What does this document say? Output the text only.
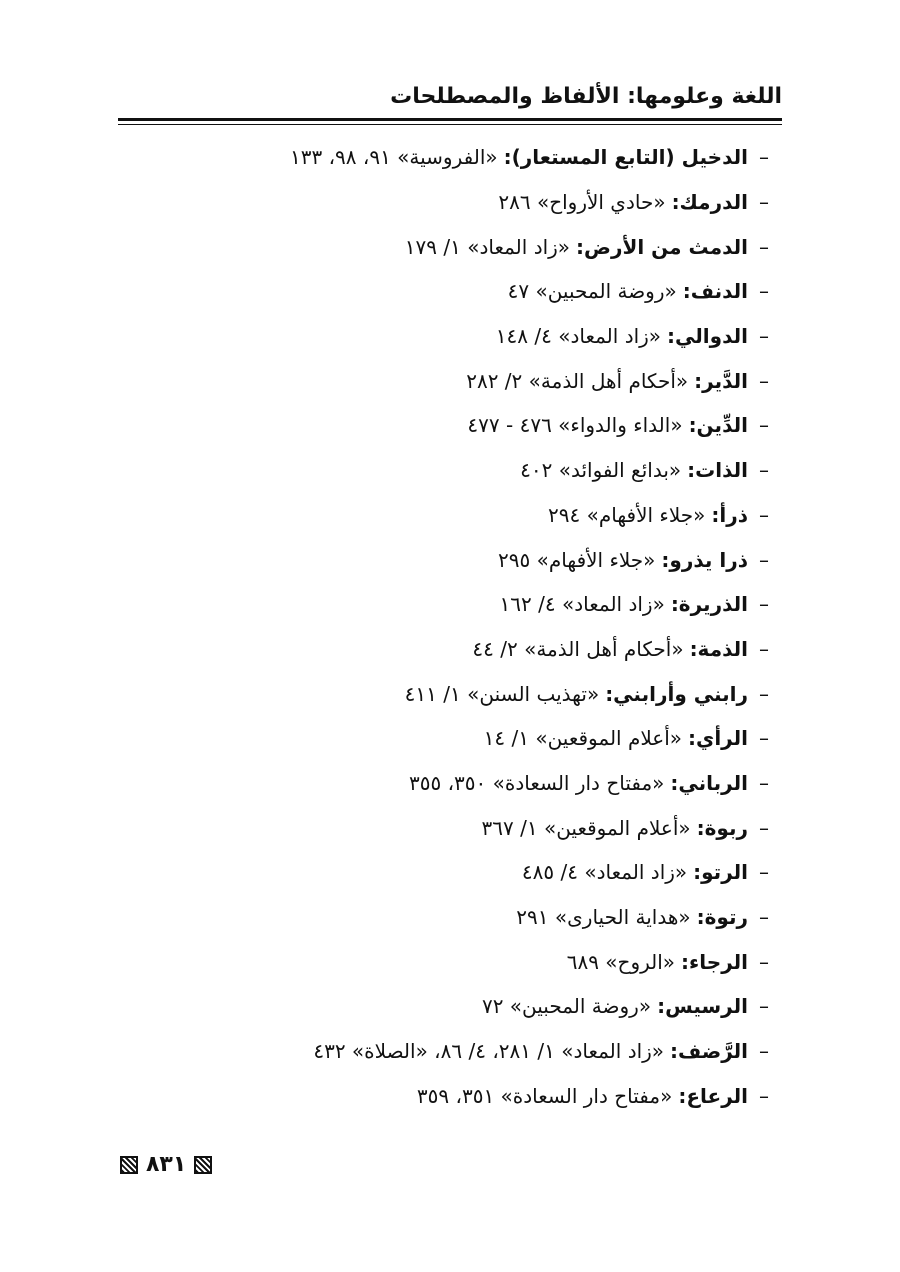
اللغة وعلومها: الألفاظ والمصطلحات
–
الدخيل (التابع المستعار):
«الفروسية» ٩١، ٩٨، ١٣٣
–
الدرمك:
«حادي الأرواح» ٢٨٦
–
الدمث من الأرض:
«زاد المعاد» ١/ ١٧٩
–
الدنف:
«روضة المحبين» ٤٧
–
الدوالي:
«زاد المعاد» ٤/ ١٤٨
–
الدَّير:
«أحكام أهل الذمة» ٢/ ٢٨٢
–
الدِّين:
«الداء والدواء» ٤٧٦ - ٤٧٧
–
الذات:
«بدائع الفوائد» ٤٠٢
–
ذرأ:
«جلاء الأفهام» ٢٩٤
–
ذرا يذرو:
«جلاء الأفهام» ٢٩٥
–
الذريرة:
«زاد المعاد» ٤/ ١٦٢
–
الذمة:
«أحكام أهل الذمة» ٢/ ٤٤
–
رابني وأرابني:
«تهذيب السنن» ١/ ٤١١
–
الرأي:
«أعلام الموقعين» ١/ ١٤
–
الرباني:
«مفتاح دار السعادة» ٣٥٠، ٣٥٥
–
ربوة:
«أعلام الموقعين» ١/ ٣٦٧
–
الرتو:
«زاد المعاد» ٤/ ٤٨٥
–
رتوة:
«هداية الحيارى» ٢٩١
–
الرجاء:
«الروح» ٦٨٩
–
الرسيس:
«روضة المحبين» ٧٢
–
الرَّضف:
«زاد المعاد» ١/ ٢٨١، ٤/ ٨٦، «الصلاة» ٤٣٢
–
الرعاع:
«مفتاح دار السعادة» ٣٥١، ٣٥٩
٨٣١
